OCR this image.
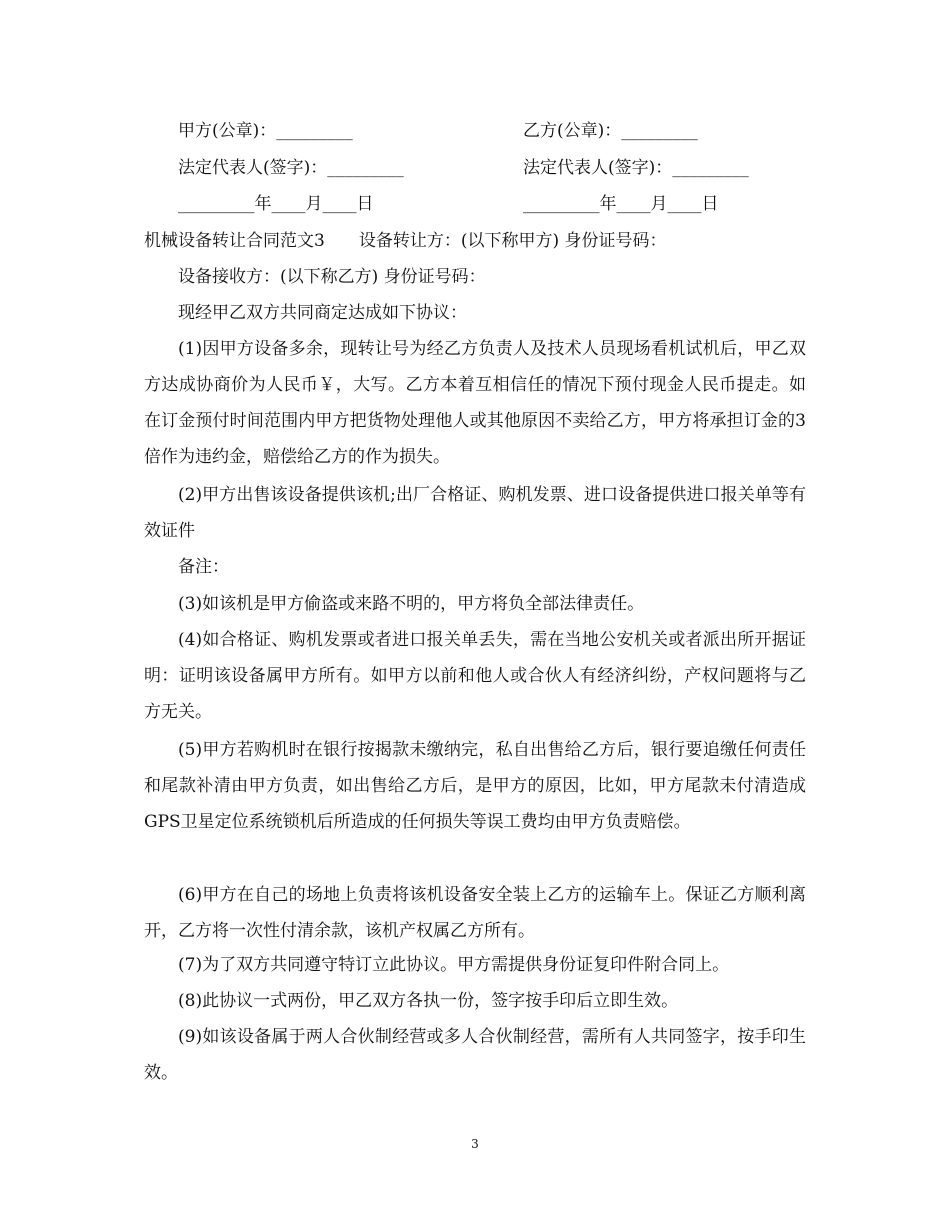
甲方(公章)：_________	乙方(公章)：_________
法定代表人(签字)：_________	法定代表人(签字)：_________
_________年____月____日	_________年____月____日
机械设备转让合同范文3　　设备转让方：(以下称甲方) 身份证号码：
设备接收方：(以下称乙方) 身份证号码：
现经甲乙双方共同商定达成如下协议：
(1)因甲方设备多余，现转让号为经乙方负责人及技术人员现场看机试机后，甲乙双方达成协商价为人民币￥，大写。乙方本着互相信任的情况下预付现金人民币提走。如在订金预付时间范围内甲方把货物处理他人或其他原因不卖给乙方，甲方将承担订金的3倍作为违约金，赔偿给乙方的作为损失。
(2)甲方出售该设备提供该机;出厂合格证、购机发票、进口设备提供进口报关单等有效证件
备注：
(3)如该机是甲方偷盗或来路不明的，甲方将负全部法律责任。
(4)如合格证、购机发票或者进口报关单丢失，需在当地公安机关或者派出所开据证明：证明该设备属甲方所有。如甲方以前和他人或合伙人有经济纠纷，产权问题将与乙方无关。
(5)甲方若购机时在银行按揭款未缴纳完，私自出售给乙方后，银行要追缴任何责任和尾款补清由甲方负责，如出售给乙方后，是甲方的原因，比如，甲方尾款未付清造成GPS卫星定位系统锁机后所造成的任何损失等误工费均由甲方负责赔偿。
(6)甲方在自己的场地上负责将该机设备安全装上乙方的运输车上。保证乙方顺利离开，乙方将一次性付清余款，该机产权属乙方所有。
(7)为了双方共同遵守特订立此协议。甲方需提供身份证复印件附合同上。
(8)此协议一式两份，甲乙双方各执一份，签字按手印后立即生效。
(9)如该设备属于两人合伙制经营或多人合伙制经营，需所有人共同签字，按手印生效。
3
